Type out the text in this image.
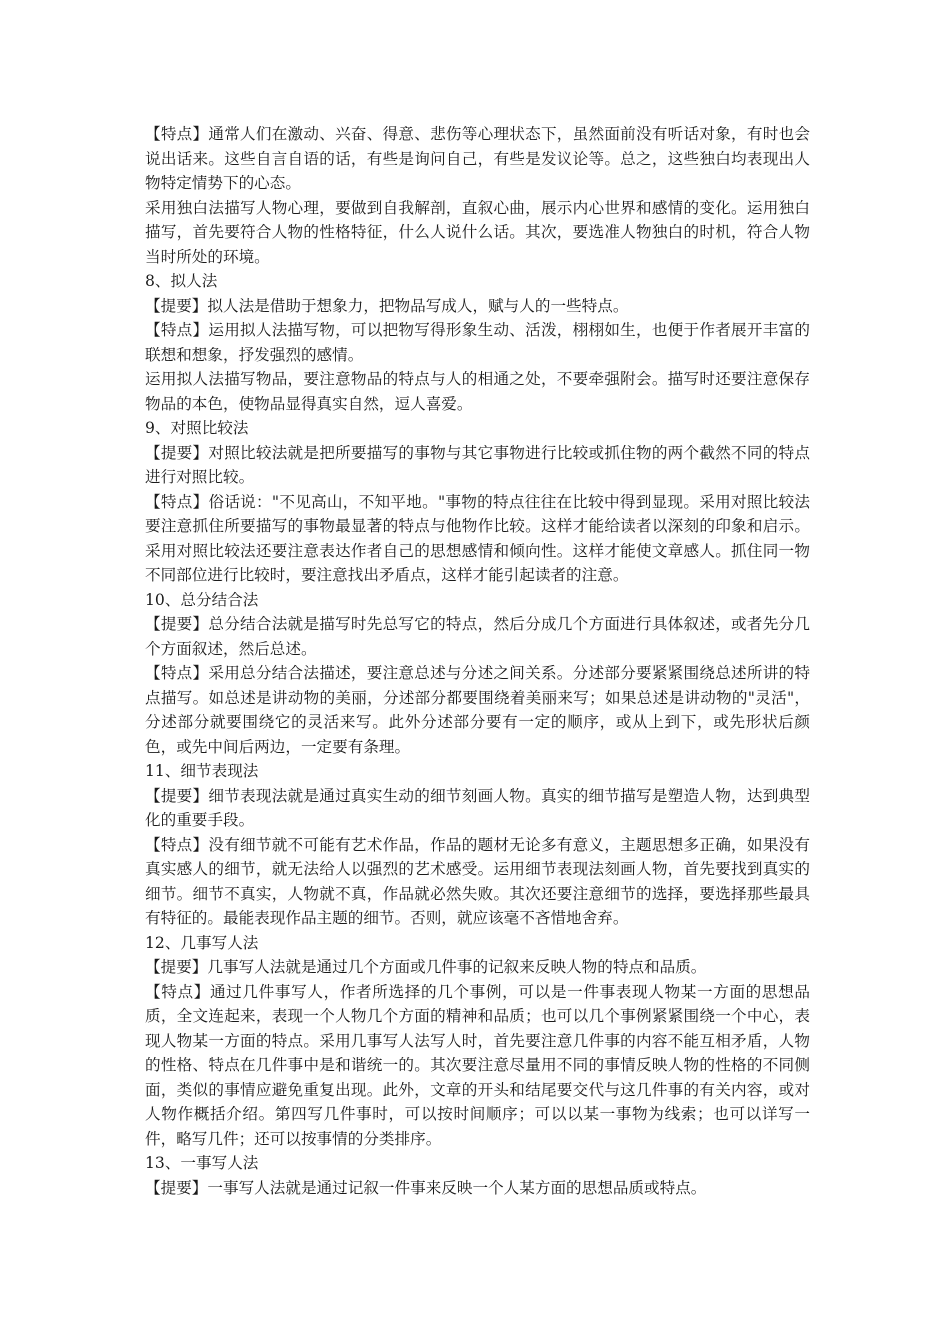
【特点】通常人们在激动、兴奋、得意、悲伤等心理状态下，虽然面前没有听话对象，有时也会说出话来。这些自言自语的话，有些是询问自己，有些是发议论等。总之，这些独白均表现出人物特定情势下的心态。

采用独白法描写人物心理，要做到自我解剖，直叙心曲，展示内心世界和感情的变化。运用独白描写，首先要符合人物的性格特征，什么人说什么话。其次，要选准人物独白的时机，符合人物当时所处的环境。

8、拟人法

【提要】拟人法是借助于想象力，把物品写成人，赋与人的一些特点。

【特点】运用拟人法描写物，可以把物写得形象生动、活泼，栩栩如生，也便于作者展开丰富的联想和想象，抒发强烈的感情。

运用拟人法描写物品，要注意物品的特点与人的相通之处，不要牵强附会。描写时还要注意保存物品的本色，使物品显得真实自然，逗人喜爱。

9、对照比较法

【提要】对照比较法就是把所要描写的事物与其它事物进行比较或抓住物的两个截然不同的特点进行对照比较。

【特点】俗话说："不见高山，不知平地。"事物的特点往往在比较中得到显现。采用对照比较法要注意抓住所要描写的事物最显著的特点与他物作比较。这样才能给读者以深刻的印象和启示。采用对照比较法还要注意表达作者自己的思想感情和倾向性。这样才能使文章感人。抓住同一物不同部位进行比较时，要注意找出矛盾点，这样才能引起读者的注意。

10、总分结合法

【提要】总分结合法就是描写时先总写它的特点，然后分成几个方面进行具体叙述，或者先分几个方面叙述，然后总述。

【特点】采用总分结合法描述，要注意总述与分述之间关系。分述部分要紧紧围绕总述所讲的特点描写。如总述是讲动物的美丽，分述部分都要围绕着美丽来写；如果总述是讲动物的"灵活"，分述部分就要围绕它的灵活来写。此外分述部分要有一定的顺序，或从上到下，或先形状后颜色，或先中间后两边，一定要有条理。

11、细节表现法

【提要】细节表现法就是通过真实生动的细节刻画人物。真实的细节描写是塑造人物，达到典型化的重要手段。

【特点】没有细节就不可能有艺术作品，作品的题材无论多有意义，主题思想多正确，如果没有真实感人的细节，就无法给人以强烈的艺术感受。运用细节表现法刻画人物，首先要找到真实的细节。细节不真实，人物就不真，作品就必然失败。其次还要注意细节的选择，要选择那些最具有特征的。最能表现作品主题的细节。否则，就应该毫不吝惜地舍弃。

12、几事写人法

【提要】几事写人法就是通过几个方面或几件事的记叙来反映人物的特点和品质。

【特点】通过几件事写人，作者所选择的几个事例，可以是一件事表现人物某一方面的思想品质，全文连起来，表现一个人物几个方面的精神和品质；也可以几个事例紧紧围绕一个中心，表现人物某一方面的特点。采用几事写人法写人时，首先要注意几件事的内容不能互相矛盾，人物的性格、特点在几件事中是和谐统一的。其次要注意尽量用不同的事情反映人物的性格的不同侧面，类似的事情应避免重复出现。此外，文章的开头和结尾要交代与这几件事的有关内容，或对人物作概括介绍。第四写几件事时，可以按时间顺序；可以以某一事物为线索；也可以详写一件，略写几件；还可以按事情的分类排序。

13、一事写人法

【提要】一事写人法就是通过记叙一件事来反映一个人某方面的思想品质或特点。
